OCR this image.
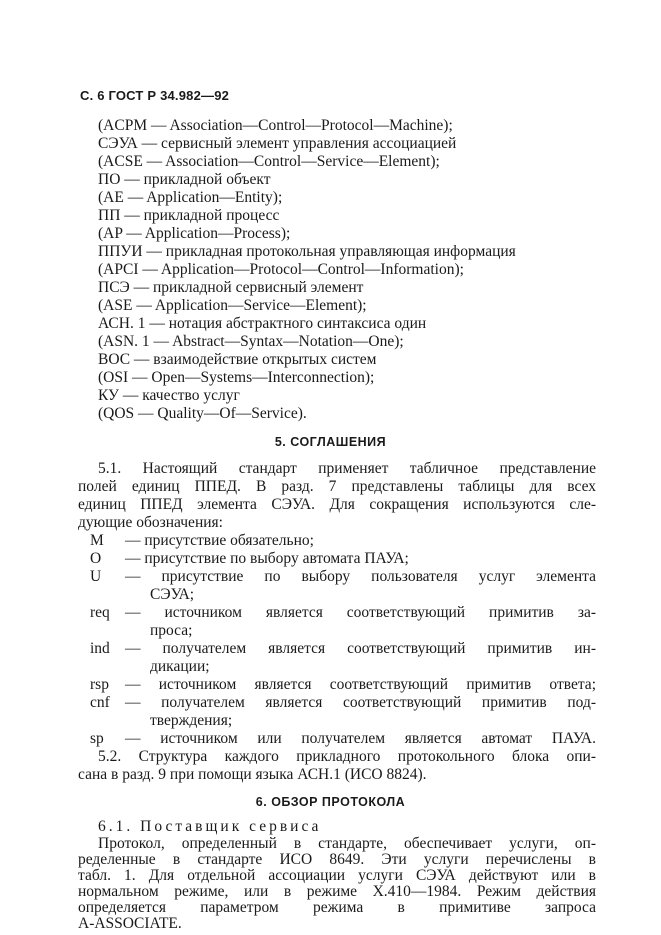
С. 6 ГОСТ Р 34.982—92
(ACPM — Association—Control—Protocol—Machine);
СЭУА — сервисный элемент управления ассоциацией
(ACSE — Association—Control—Service—Element);
ПО — прикладной объект
(AE — Application—Entity);
ПП — прикладной процесс
(AP — Application—Process);
ППУИ — прикладная протокольная управляющая информация
(APCI — Application—Protocol—Control—Information);
ПСЭ — прикладной сервисный элемент
(ASE — Application—Service—Element);
АСН. 1 — нотация абстрактного синтаксиса один
(ASN. 1 — Abstract—Syntax—Notation—One);
ВОС — взаимодействие открытых систем
(OSI — Open—Systems—Interconnection);
КУ — качество услуг
(QOS — Quality—Of—Service).
5. СОГЛАШЕНИЯ
5.1. Настоящий стандарт применяет табличное представление
полей единиц ППЕД. В разд. 7 представлены таблицы для всех
единиц ППЕД элемента СЭУА. Для сокращения используются сле-
дующие обозначения:
M — присутствие обязательно;
O — присутствие по выбору автомата ПАУА;
U — присутствие по выбору пользователя услуг элемента
СЭУА;
req — источником является соответствующий примитив за-
проса;
ind — получателем является соответствующий примитив ин-
дикации;
rsp — источником является соответствующий примитив ответа;
cnf — получателем является соответствующий примитив под-
тверждения;
sp — источником или получателем является автомат ПАУА.
5.2. Структура каждого прикладного протокольного блока опи-
сана в разд. 9 при помощи языка АСН.1 (ИСО 8824).
6. ОБЗОР ПРОТОКОЛА
6.1. Поставщик сервиса
Протокол, определенный в стандарте, обеспечивает услуги, оп-
ределенные в стандарте ИСО 8649. Эти услуги перечислены в
табл. 1. Для отдельной ассоциации услуги СЭУА действуют или в
нормальном режиме, или в режиме Х.410—1984. Режим действия
определяется параметром режима в примитиве запроса
A-ASSOCIATE.
